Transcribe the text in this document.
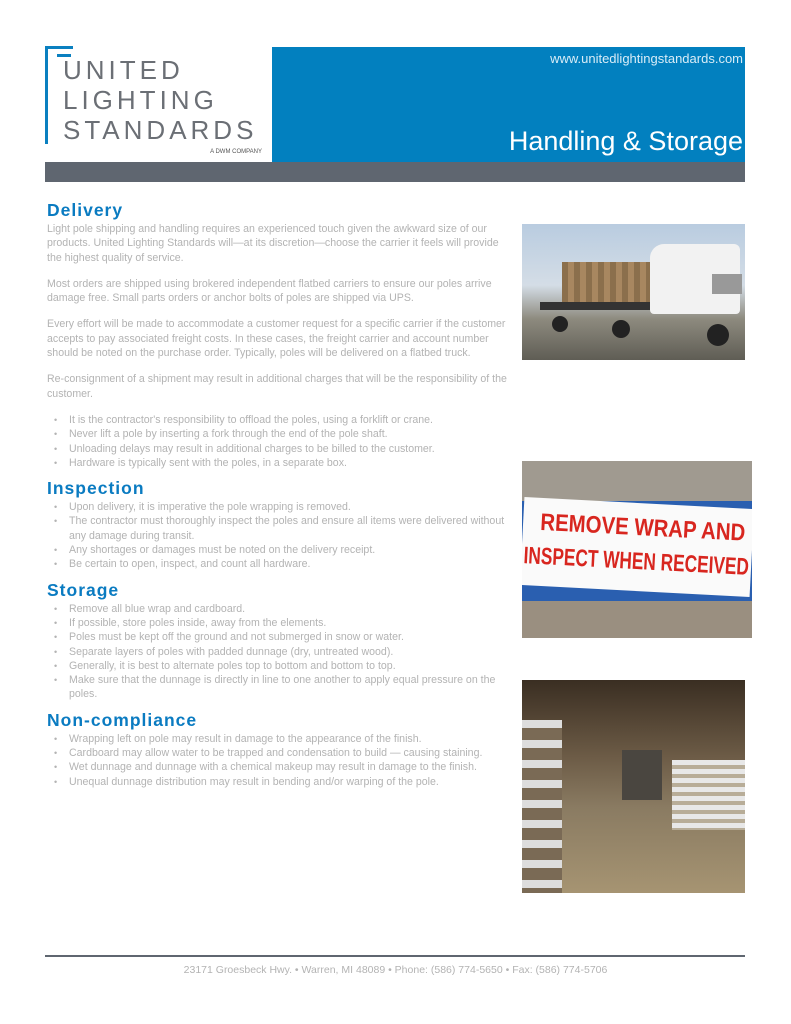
UNITED
LIGHTING
STANDARDS
A DWM COMPANY
www.unitedlightingstandards.com
Handling & Storage
Delivery

Light pole shipping and handling requires an experienced touch given the awkward size of our products. United Lighting Standards will—at its discretion—choose the carrier it feels will provide the highest quality of service.

Most orders are shipped using brokered independent flatbed carriers to ensure our poles arrive damage free. Small parts orders or anchor bolts of poles are shipped via UPS.

Every effort will be made to accommodate a customer request for a specific carrier if the customer accepts to pay associated freight costs. In these cases, the freight carrier and account number should be noted on the purchase order. Typically, poles will be delivered on a flatbed truck.

Re-consignment of a shipment may result in additional charges that will be the responsibility of the customer.

• It is the contractor's responsibility to offload the poles, using a forklift or crane.
• Never lift a pole by inserting a fork through the end of the pole shaft.
• Unloading delays may result in additional charges to be billed to the customer.
• Hardware is typically sent with the poles, in a separate box.
Inspection
• Upon delivery, it is imperative the pole wrapping is removed.
• The contractor must thoroughly inspect the poles and ensure all items were delivered without any damage during transit.
• Any shortages or damages must be noted on the delivery receipt.
• Be certain to open, inspect, and count all hardware.
Storage
• Remove all blue wrap and cardboard.
• If possible, store poles inside, away from the elements.
• Poles must be kept off the ground and not submerged in snow or water.
• Separate layers of poles with padded dunnage (dry, untreated wood).
• Generally, it is best to alternate poles top to bottom and bottom to top.
• Make sure that the dunnage is directly in line to one another to apply equal pressure on the poles.
Non-compliance
• Wrapping left on pole may result in damage to the appearance of the finish.
• Cardboard may allow water to be trapped and condensation to build — causing staining.
• Wet dunnage and dunnage with a chemical makeup may result in damage to the finish.
• Unequal dunnage distribution may result in bending and/or warping of the pole.
REMOVE WRAP AND
INSPECT WHEN RECEIVED
23171 Groesbeck Hwy. • Warren, MI 48089 • Phone: (586) 774-5650 • Fax: (586) 774-5706
